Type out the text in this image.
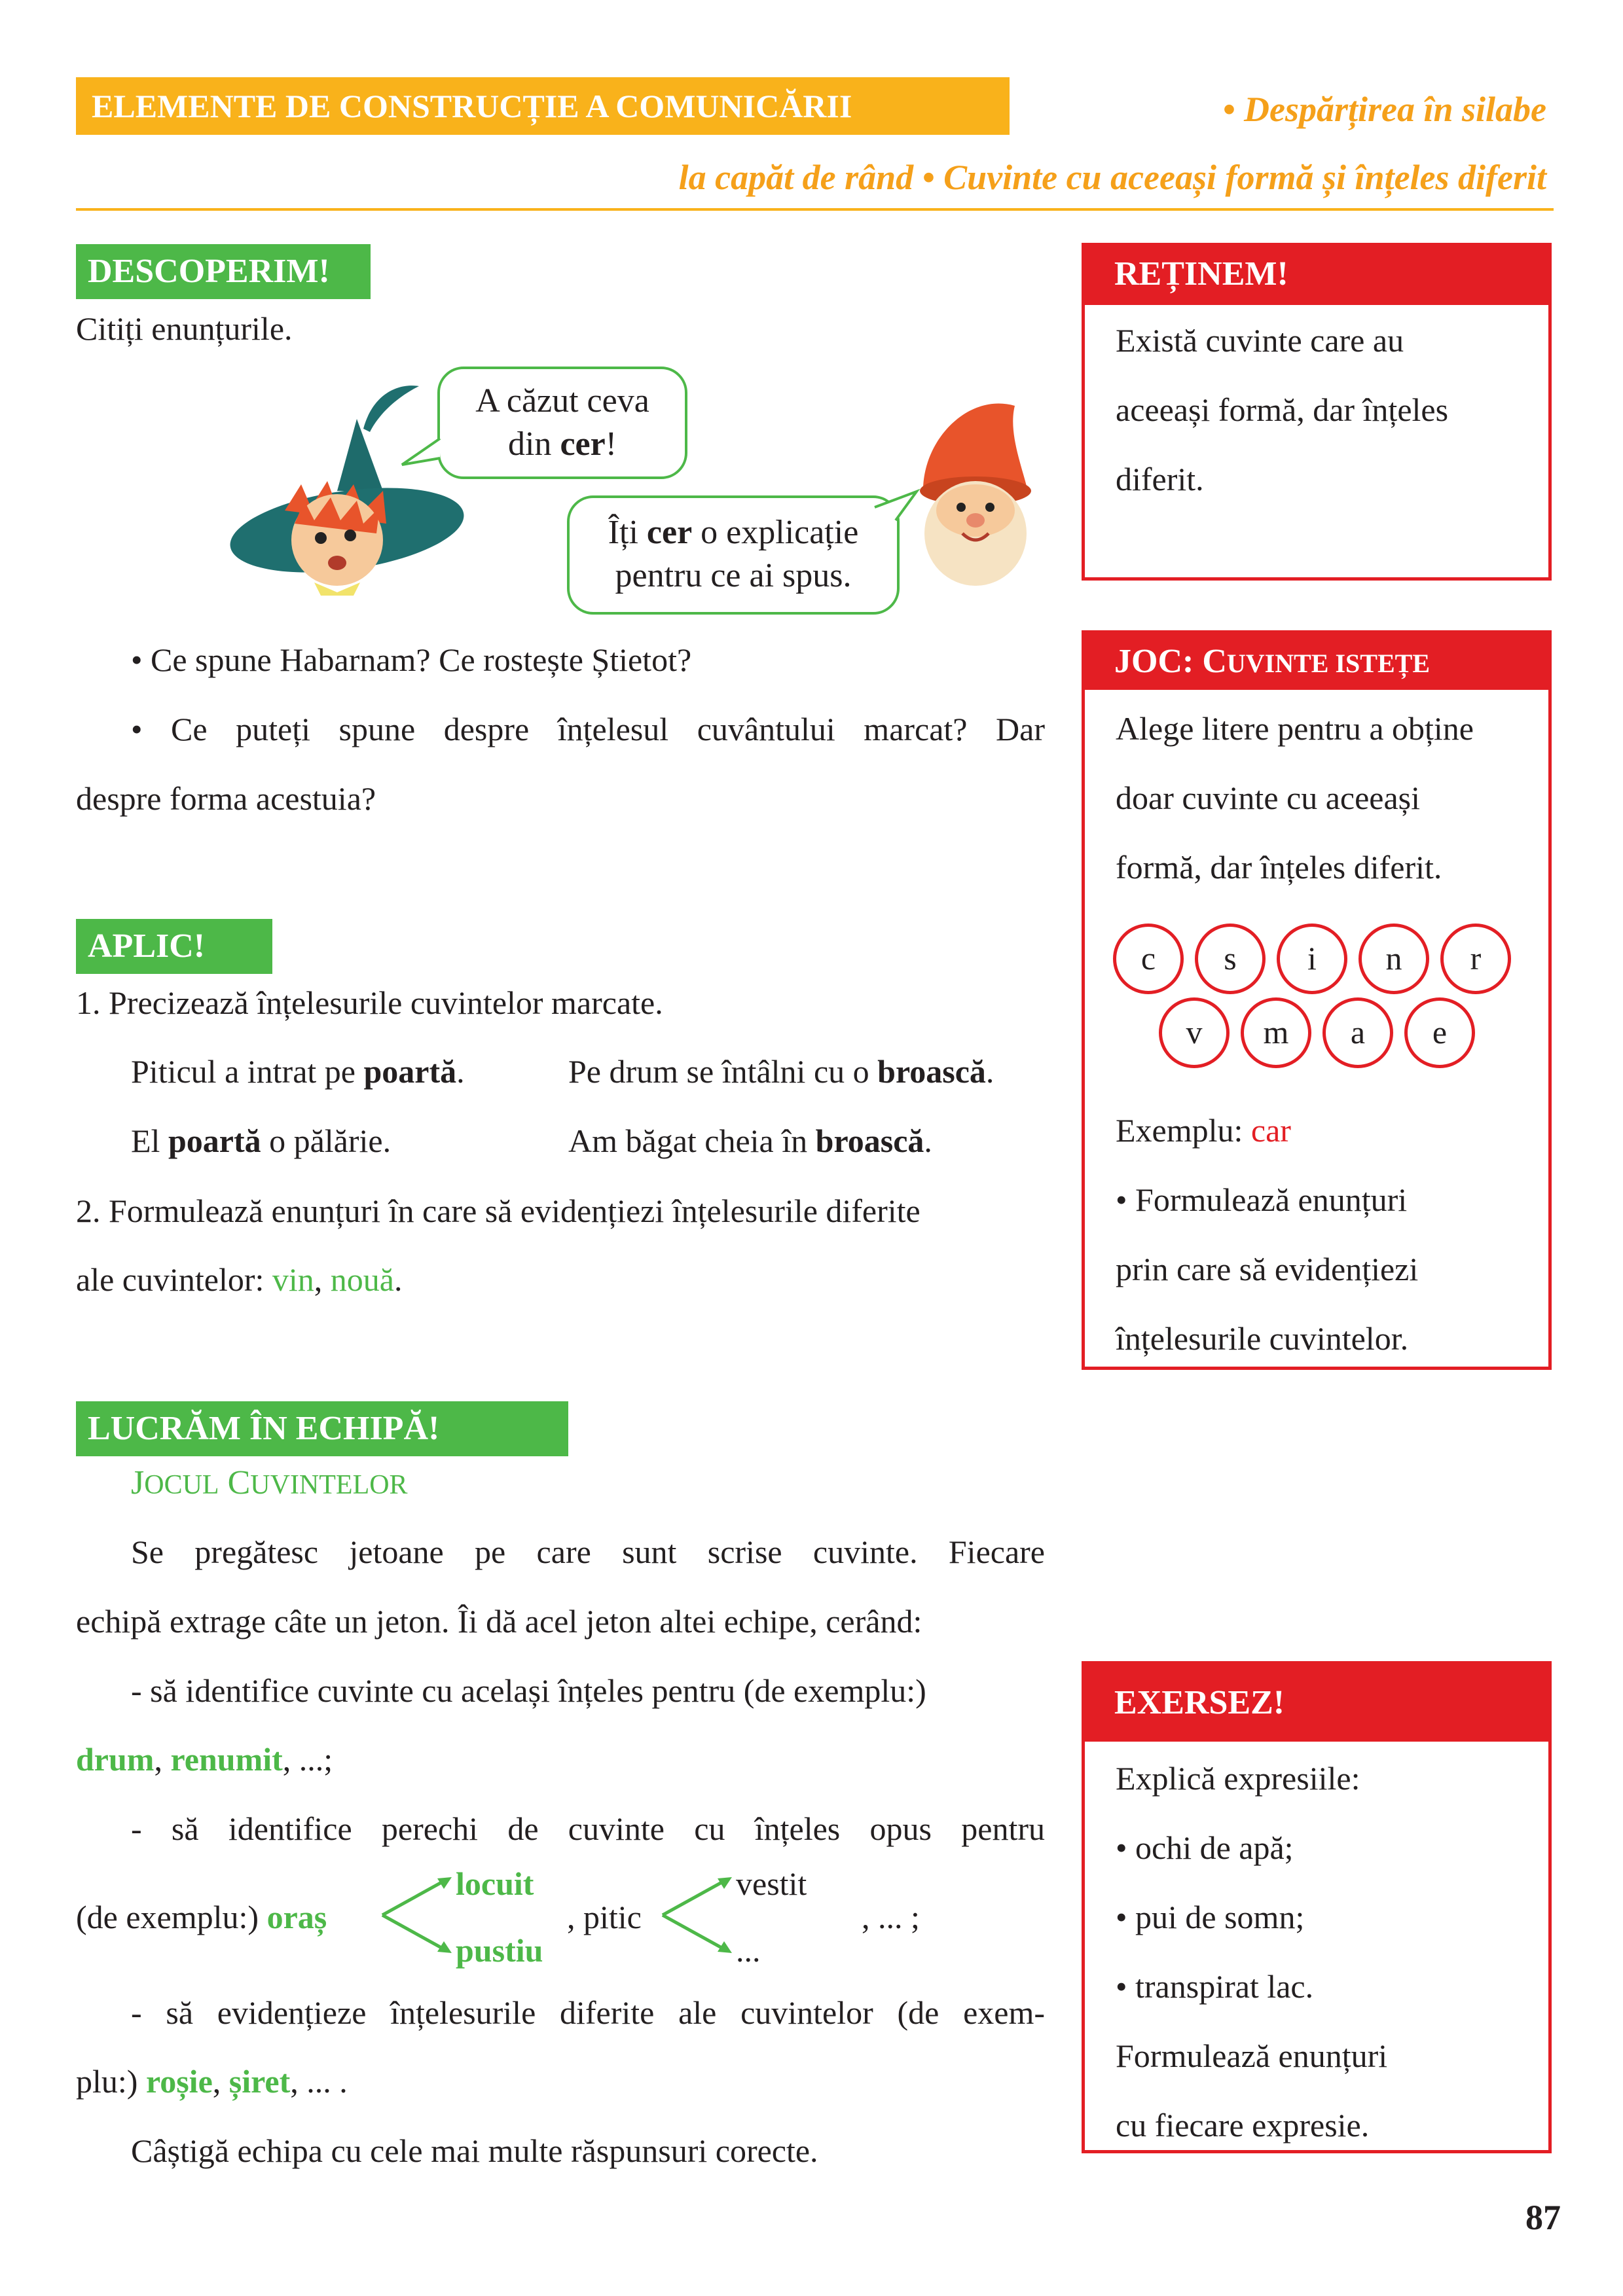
ELEMENTE DE CONSTRUCȚIE A COMUNICĂRII	• Despărțirea în silabe
la capăt de rând • Cuvinte cu aceeași formă și înțeles diferit
DESCOPERIM!

Citiți enunțurile.

A căzut ceva
din cer!
Îți cer o explicație
pentru ce ai spus.

• Ce spune Habarnam? Ce rostește Știetot?

• Ce puteți spune despre înțelesul cuvântului marcat? Dar

despre forma acestuia?

APLIC!

1. Precizează înțelesurile cuvintelor marcate.

Piticul a intrat pe poartă.	Pe drum se întâlni cu o broască.

El poartă o pălărie.	Am băgat cheia în broască.

2. Formulează enunțuri în care să evidențiezi înțelesurile diferite

ale cuvintelor: vin, nouă.

LUCRĂM ÎN ECHIPĂ!

JOCUL CUVINTELOR

Se pregătesc jetoane pe care sunt scrise cuvinte. Fiecare

echipă extrage câte un jeton. Îi dă acel jeton altei echipe, cerând:

- să identifice cuvinte cu același înțeles pentru (de exemplu:)

drum, renumit, ...;

- să identifice perechi de cuvinte cu înțeles opus pentru

(de exemplu:) oraș

locuit

pustiu

, pitic

vestit

...

, ... ;

- să evidențieze înțelesurile diferite ale cuvintelor (de exem-

plu:) roșie, șiret, ... .

Câștigă echipa cu cele mai multe răspunsuri corecte.

REȚINEM!

Există cuvinte care au

aceeași formă, dar înțeles

diferit.

JOC: CUVINTE ISTEȚE

Alege litere pentru a obține

doar cuvinte cu aceeași

formă, dar înțeles diferit.

c	s	i	n	r
v	m	a	e

Exemplu: car

• Formulează enunțuri

prin care să evidențiezi

înțelesurile cuvintelor.

EXERSEZ!

Explică expresiile:

• ochi de apă;

• pui de somn;

• transpirat lac.

Formulează enunțuri

cu fiecare expresie.

87
